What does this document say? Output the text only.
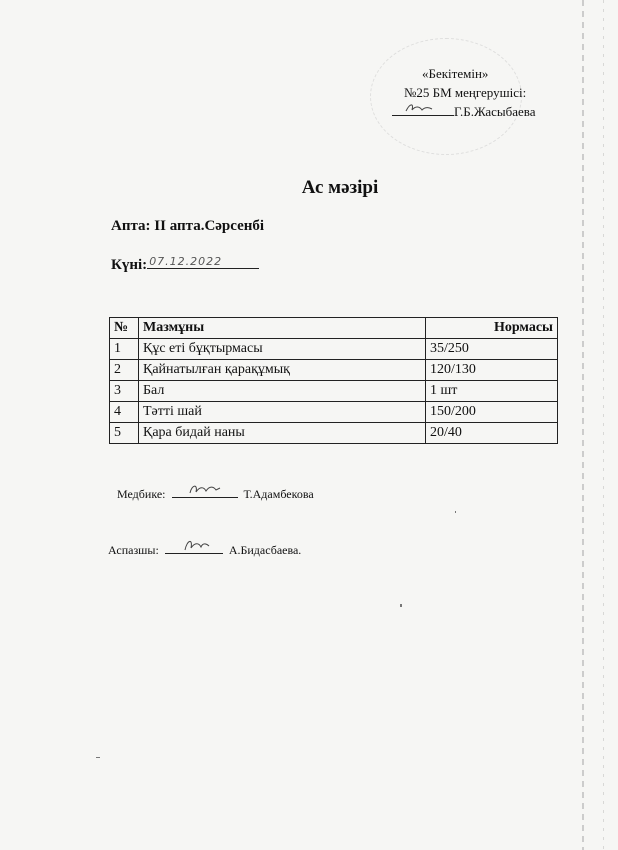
«Бекітемін»
№25 БМ меңгерушісі:
Г.Б.Жасыбаева
Ас мәзірі
Апта: II апта.Сәрсенбі
Күні: 07.12.2022
№	Мазмұны	Нормасы
1	Құс еті бұқтырмасы	35/250
2	Қайнатылған қарақұмық	120/130
3	Бал	1 шт
4	Тәтті шай	150/200
5	Қара бидай наны	20/40
Медбике:	Т.Адамбекова
Аспазшы:	А.Бидасбаева.
